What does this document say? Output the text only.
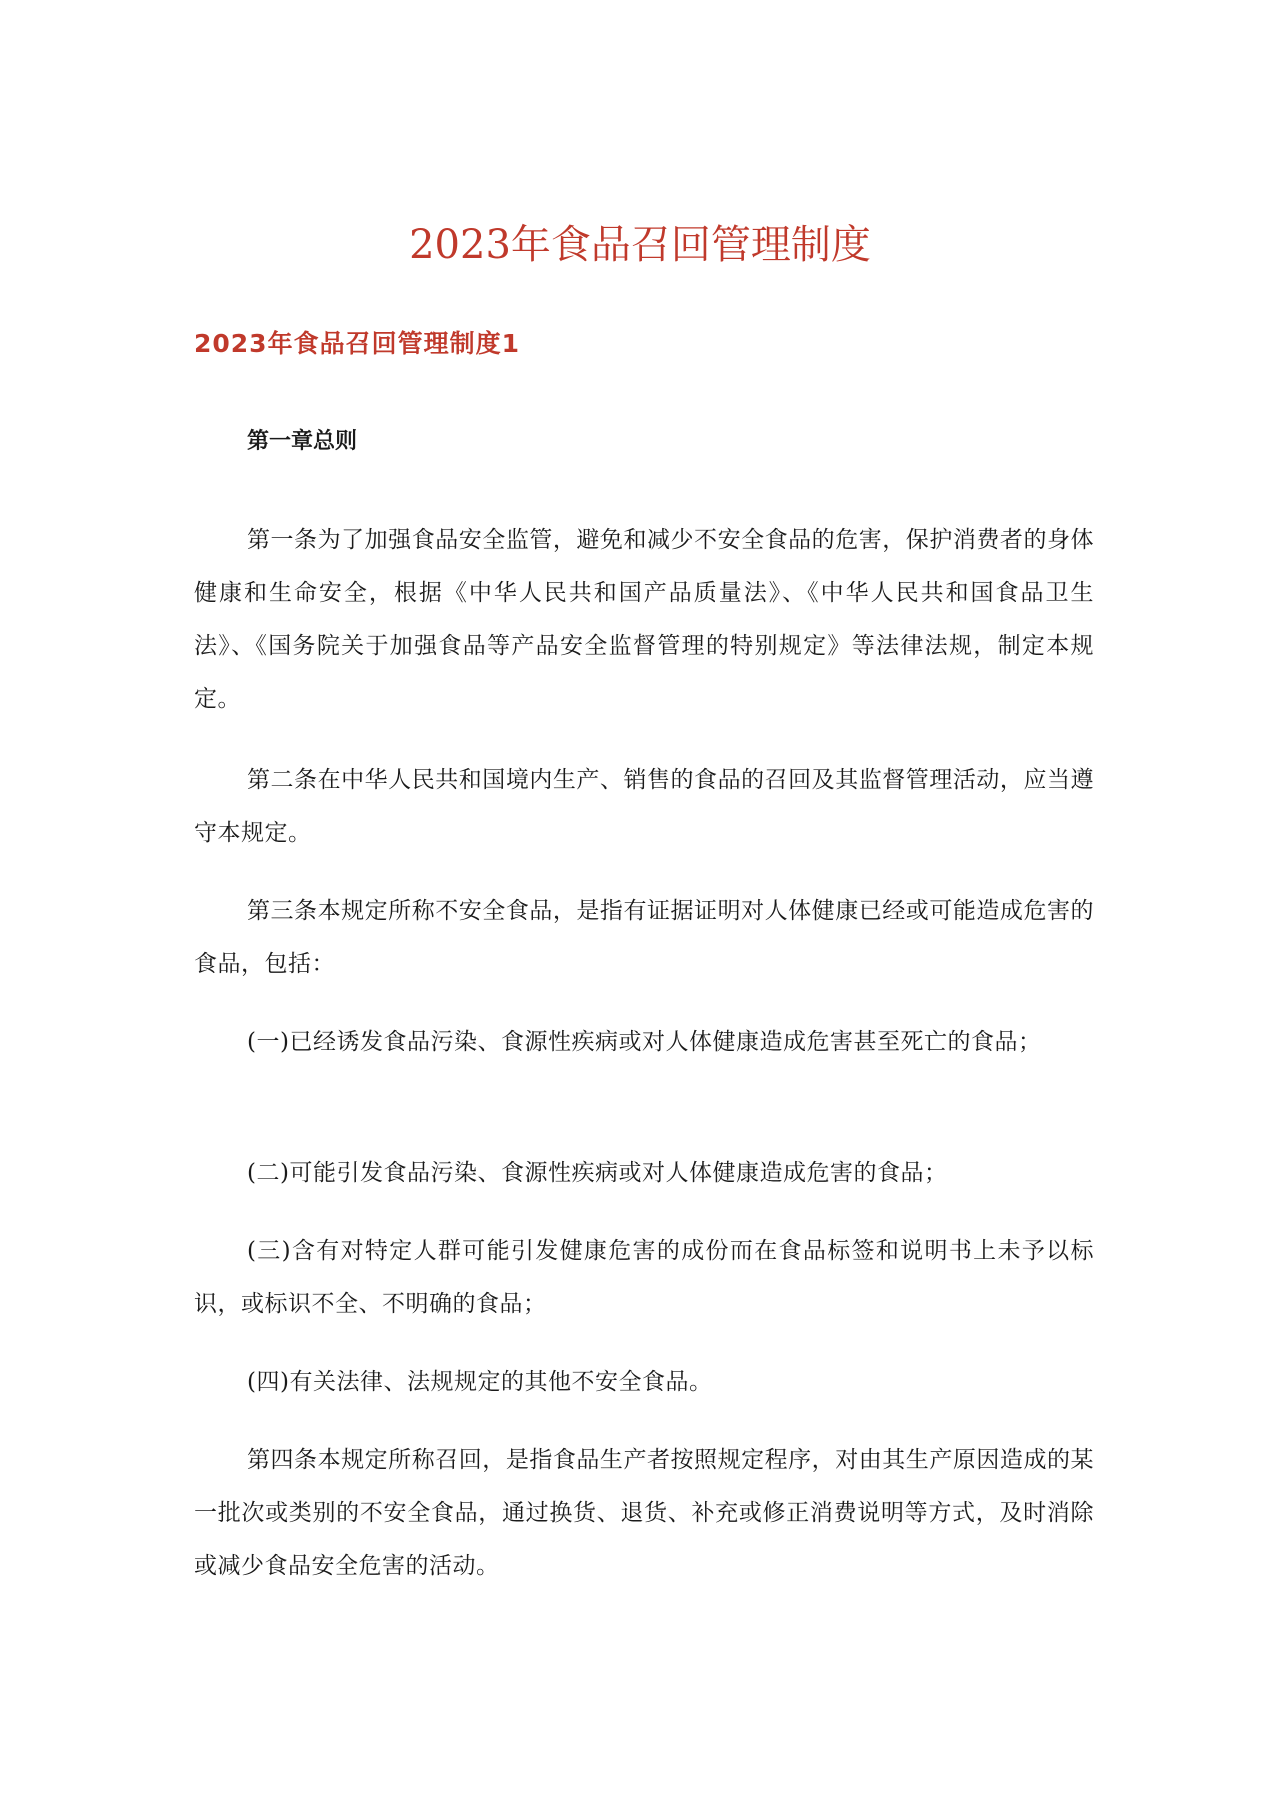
2023年食品召回管理制度
2023年食品召回管理制度1
第一章总则

第一条为了加强食品安全监管，避免和减少不安全食品的危害，保护消费者的身体健康和生命安全，根据《中华人民共和国产品质量法》、《中华人民共和国食品卫生法》、《国务院关于加强食品等产品安全监督管理的特别规定》等法律法规，制定本规定。

第二条在中华人民共和国境内生产、销售的食品的召回及其监督管理活动，应当遵守本规定。

第三条本规定所称不安全食品，是指有证据证明对人体健康已经或可能造成危害的食品，包括：

(一)已经诱发食品污染、食源性疾病或对人体健康造成危害甚至死亡的食品；

(二)可能引发食品污染、食源性疾病或对人体健康造成危害的食品；

(三)含有对特定人群可能引发健康危害的成份而在食品标签和说明书上未予以标识，或标识不全、不明确的食品；

(四)有关法律、法规规定的其他不安全食品。

第四条本规定所称召回，是指食品生产者按照规定程序，对由其生产原因造成的某一批次或类别的不安全食品，通过换货、退货、补充或修正消费说明等方式，及时消除或减少食品安全危害的活动。
